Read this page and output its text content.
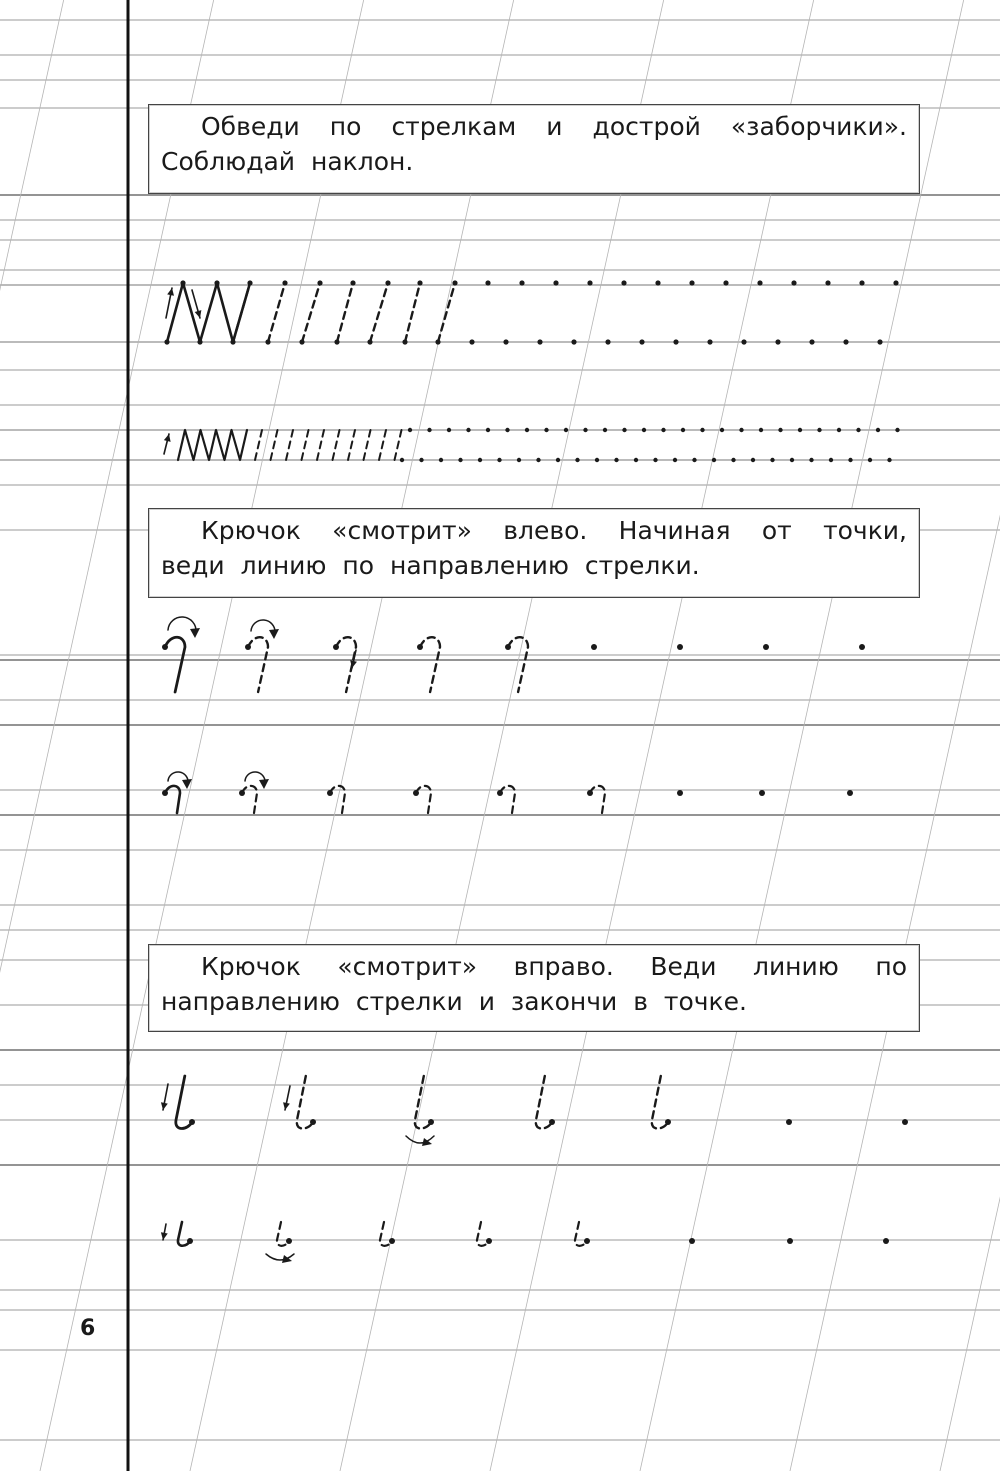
Обведи по стрелкам и дострой «заборчики». Соблюдай наклон.
Крючок «смотрит» влево. Начиная от точки, веди линию по направлению стрелки.
Крючок «смотрит» вправо. Веди линию по направлению стрелки и закончи в точке.
6
